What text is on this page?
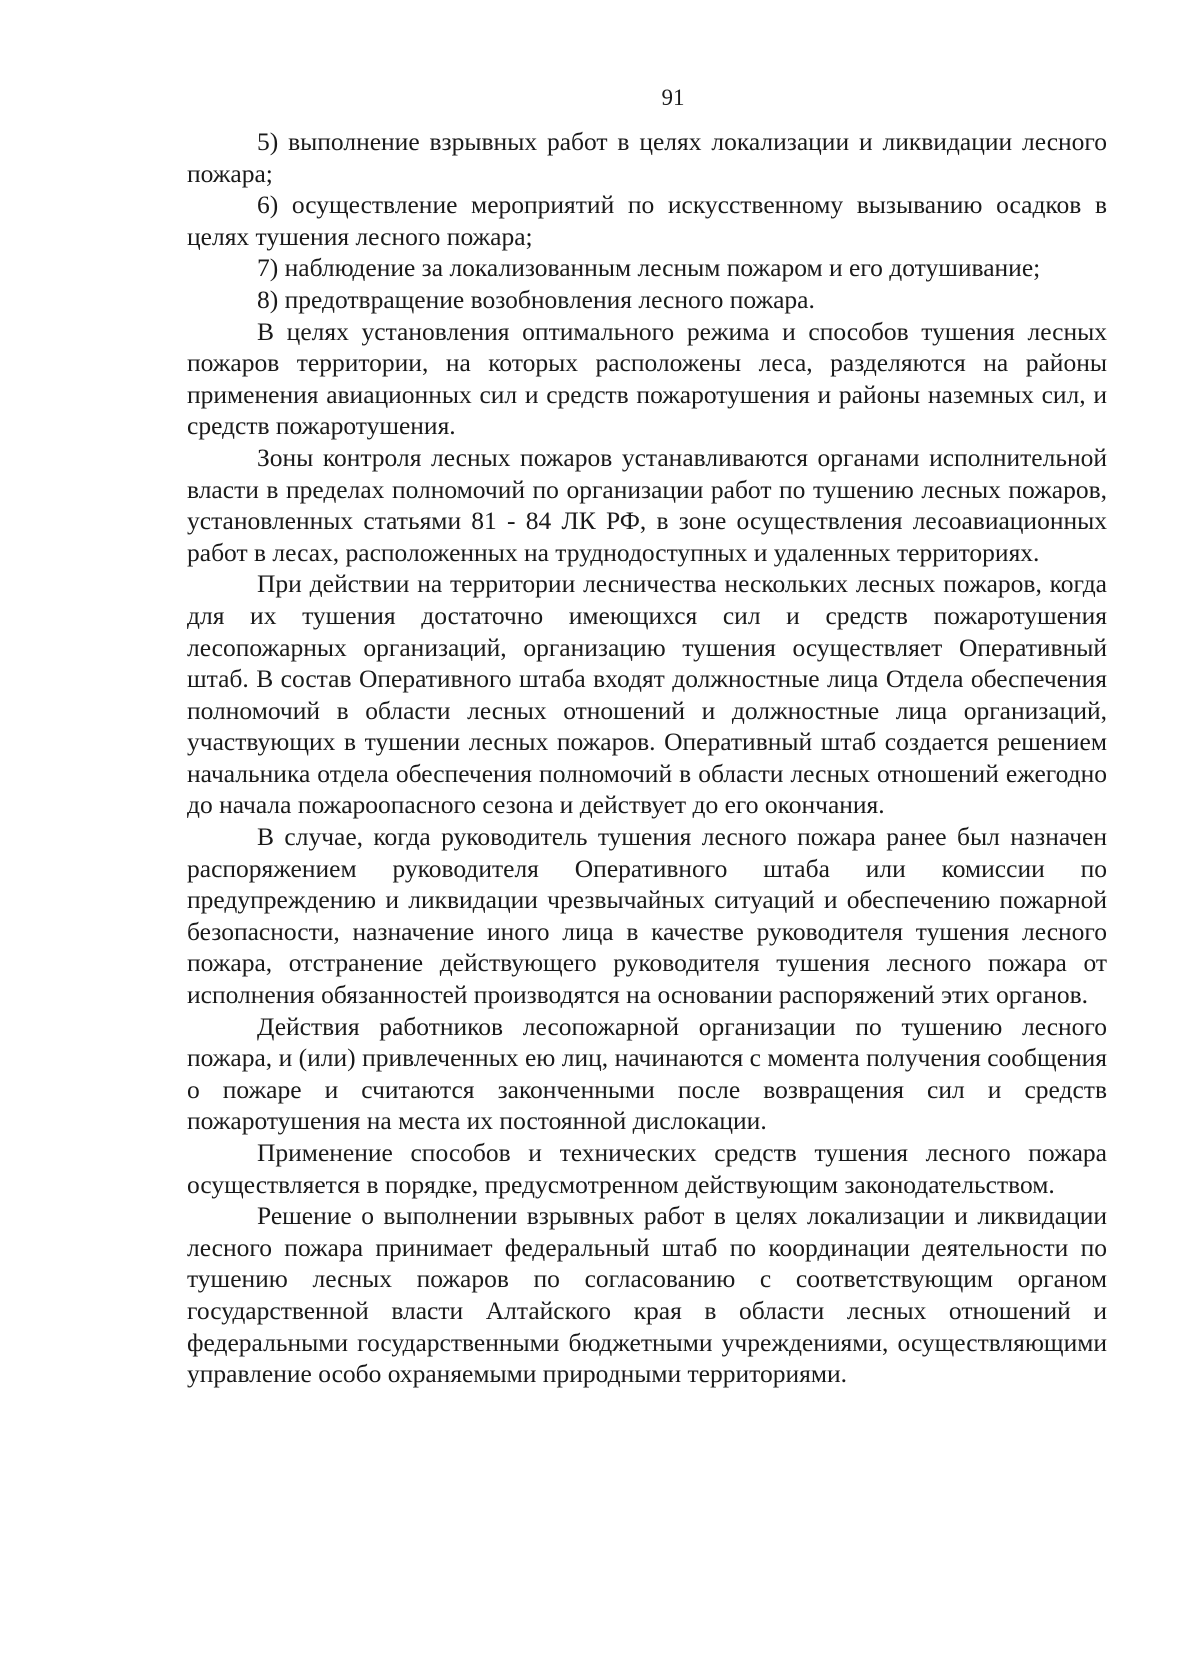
91

5) выполнение взрывных работ в целях локализации и ликвидации лесного пожара;

6) осуществление мероприятий по искусственному вызыванию осадков в целях тушения лесного пожара;

7) наблюдение за локализованным лесным пожаром и его дотушивание;

8) предотвращение возобновления лесного пожара.

В целях установления оптимального режима и способов тушения лесных пожаров территории, на которых расположены леса, разделяются на районы применения авиационных сил и средств пожаротушения и районы наземных сил, и средств пожаротушения.

Зоны контроля лесных пожаров устанавливаются органами исполнительной власти в пределах полномочий по организации работ по тушению лесных пожаров, установленных статьями 81 - 84 ЛК РФ, в зоне осуществления лесоавиационных работ в лесах, расположенных на труднодоступных и удаленных территориях.

При действии на территории лесничества нескольких лесных пожаров, когда для их тушения достаточно имеющихся сил и средств пожаротушения лесопожарных организаций, организацию тушения осуществляет Оперативный штаб. В состав Оперативного штаба входят должностные лица Отдела обеспечения полномочий в области лесных отношений и должностные лица организаций, участвующих в тушении лесных пожаров. Оперативный штаб создается решением начальника отдела обеспечения полномочий в области лесных отношений ежегодно до начала пожароопасного сезона и действует до его окончания.

В случае, когда руководитель тушения лесного пожара ранее был назначен распоряжением руководителя Оперативного штаба или комиссии по предупреждению и ликвидации чрезвычайных ситуаций и обеспечению пожарной безопасности, назначение иного лица в качестве руководителя тушения лесного пожара, отстранение действующего руководителя тушения лесного пожара от исполнения обязанностей производятся на основании распоряжений этих органов.

Действия работников лесопожарной организации по тушению лесного пожара, и (или) привлеченных ею лиц, начинаются с момента получения сообщения о пожаре и считаются законченными после возвращения сил и средств пожаротушения на места их постоянной дислокации.

Применение способов и технических средств тушения лесного пожара осуществляется в порядке, предусмотренном действующим законодательством.

Решение о выполнении взрывных работ в целях локализации и ликвидации лесного пожара принимает федеральный штаб по координации деятельности по тушению лесных пожаров по согласованию с соответствующим органом государственной власти Алтайского края в области лесных отношений и федеральными государственными бюджетными учреждениями, осуществляющими управление особо охраняемыми природными территориями.
